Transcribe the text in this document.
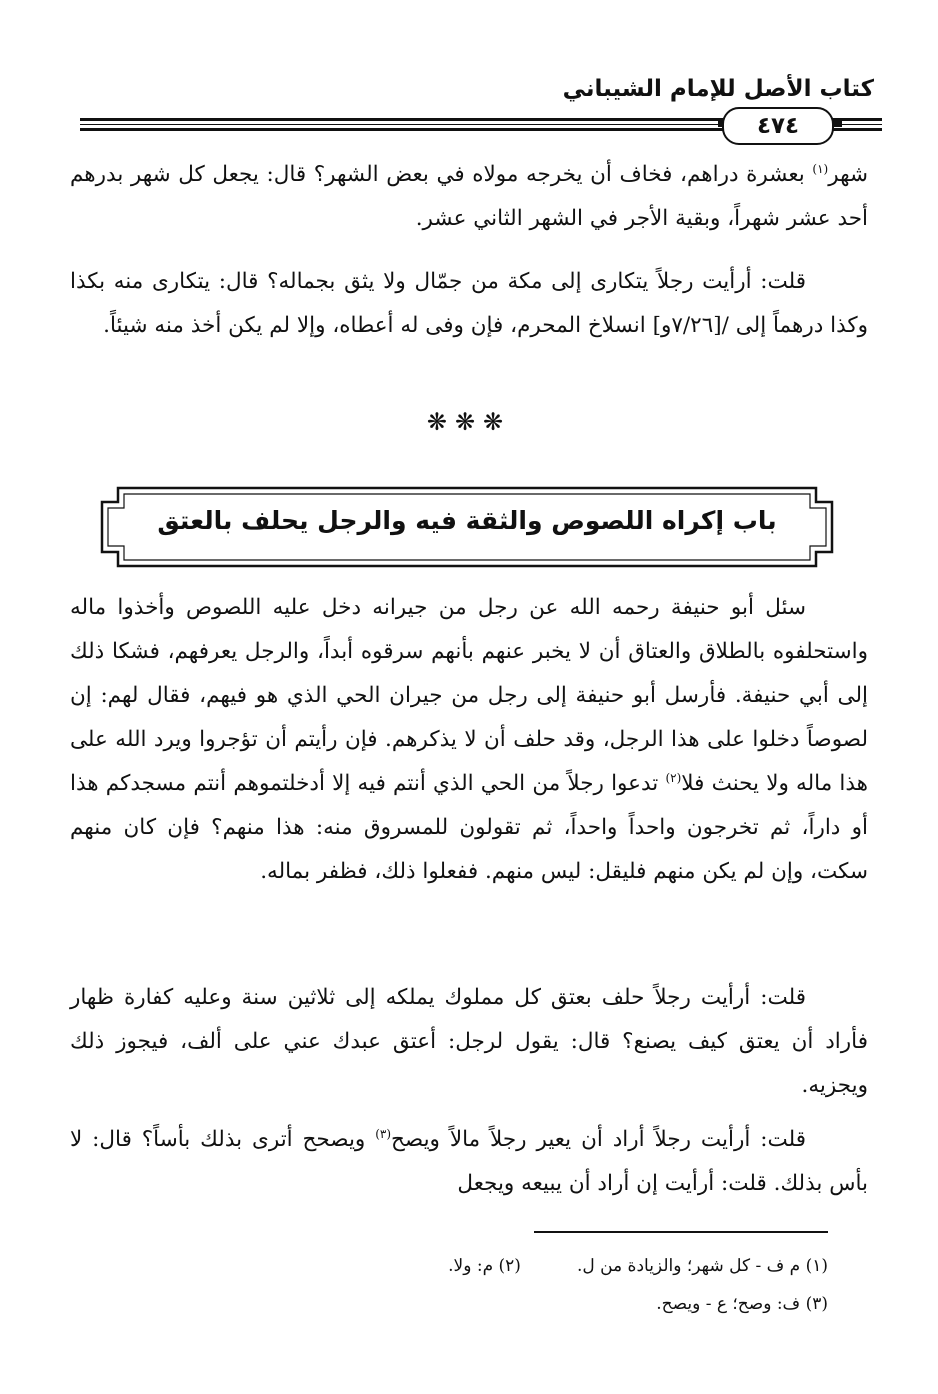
كتاب الأصل للإمام الشيباني
٤٧٤

شهر$^{(١)}$ بعشرة دراهم، فخاف أن يخرجه مولاه في بعض الشهر؟ قال: يجعل كل شهر بدرهم أحد عشر شهراً، وبقية الأجر في الشهر الثاني عشر.

قلت: أرأيت رجلاً يتكارى إلى مكة من جمّال ولا يثق بجماله؟ قال: يتكارى منه بكذا وكذا درهماً إلى /[٧/٢٦و] انسلاخ المحرم، فإن وفى له أعطاه، وإلا لم يكن أخذ منه شيئاً.

❋❋❋
باب إكراه اللصوص والثقة فيه والرجل يحلف بالعتق

سئل أبو حنيفة رحمه الله عن رجل من جيرانه دخل عليه اللصوص وأخذوا ماله واستحلفوه بالطلاق والعتاق أن لا يخبر عنهم بأنهم سرقوه أبداً، والرجل يعرفهم، فشكا ذلك إلى أبي حنيفة. فأرسل أبو حنيفة إلى رجل من جيران الحي الذي هو فيهم، فقال لهم: إن لصوصاً دخلوا على هذا الرجل، وقد حلف أن لا يذكرهم. فإن رأيتم أن تؤجروا ويرد الله على هذا ماله ولا يحنث فلا$^{(٢)}$ تدعوا رجلاً من الحي الذي أنتم فيه إلا أدخلتموهم أنتم مسجدكم هذا أو داراً، ثم تخرجون واحداً واحداً، ثم تقولون للمسروق منه: هذا منهم؟ فإن كان منهم سكت، وإن لم يكن منهم فليقل: ليس منهم. ففعلوا ذلك، فظفر بماله.

قلت: أرأيت رجلاً حلف بعتق كل مملوك يملكه إلى ثلاثين سنة وعليه كفارة ظهار فأراد أن يعتق كيف يصنع؟ قال: يقول لرجل: أعتق عبدك عني على ألف، فيجوز ذلك ويجزيه.

قلت: أرأيت رجلاً أراد أن يعير رجلاً مالاً ويصح$^{(٣)}$ ويصحح أترى بذلك بأساً؟ قال: لا بأس بذلك. قلت: أرأيت إن أراد أن يبيعه ويجعل

(١) م ف - كل شهر؛ والزيادة من ل.(٢) م: ولا.
(٣) ف: وصح؛ ع - ويصح.
